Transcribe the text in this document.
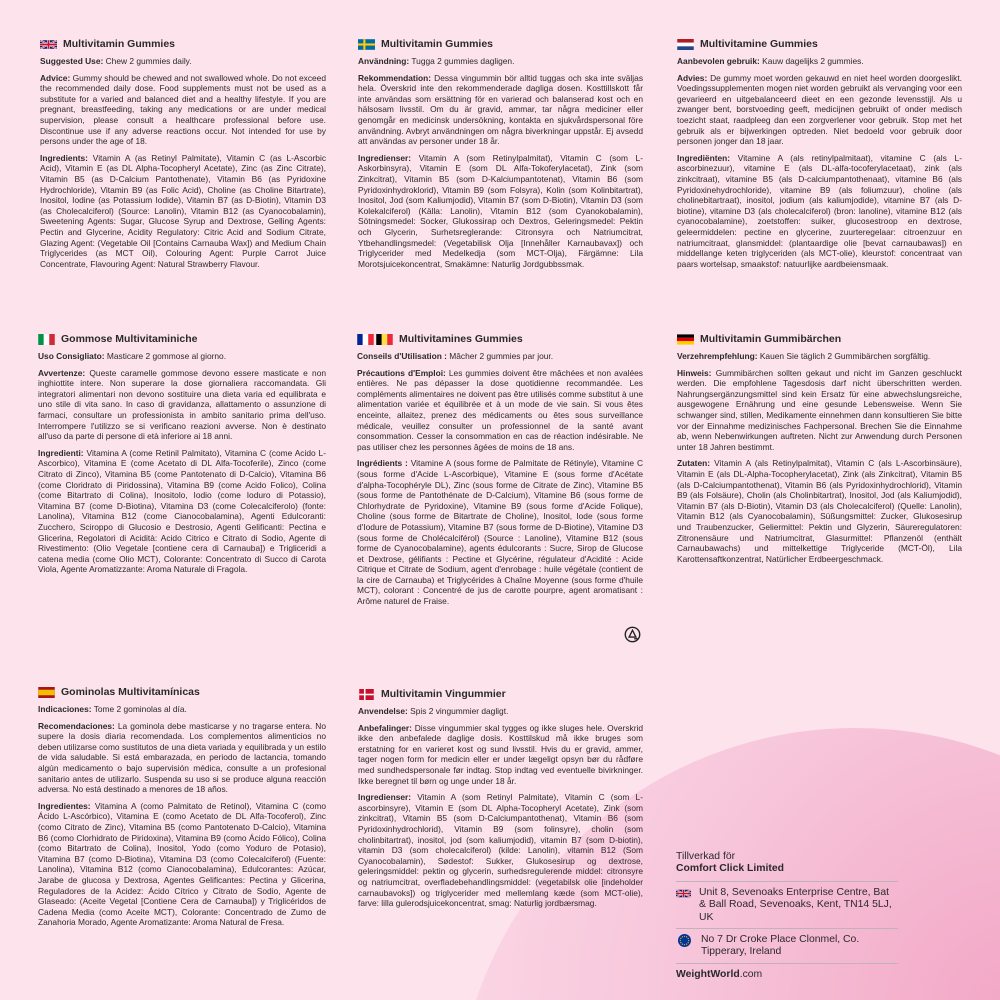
Multivitamin Gummies

Suggested Use: Chew 2 gummies daily.

Advice: Gummy should be chewed and not swallowed whole. Do not exceed the recommended daily dose. Food supplements must not be used as a substitute for a varied and balanced diet and a healthy lifestyle. If you are pregnant, breastfeeding, taking any medications or are under medical supervision, please consult a healthcare professional before use. Discontinue use if any adverse reactions occur. Not intended for use by persons under the age of 18.

Ingredients: Vitamin A (as Retinyl Palmitate), Vitamin C (as L-Ascorbic Acid), Vitamin E (as DL Alpha-Tocopheryl Acetate), Zinc (as Zinc Citrate), Vitamin B5 (as D-Calcium Pantothenate), Vitamin B6 (as Pyridoxine Hydrochloride), Vitamin B9 (as Folic Acid), Choline (as Choline Bitartrate), Inositol, Iodine (as Potassium Iodide), Vitamin B7 (as D-Biotin), Vitamin D3 (as Cholecalciferol) (Source: Lanolin), Vitamin B12 (as Cyanocobalamin), Sweetening Agents: Sugar, Glucose Syrup and Dextrose, Gelling Agents: Pectin and Glycerine, Acidity Regulatory: Citric Acid and Sodium Citrate, Glazing Agent: (Vegetable Oil [Contains Carnauba Wax]) and Medium Chain Triglycerides (as MCT Oil), Colouring Agent: Purple Carrot Juice Concentrate, Flavouring Agent: Natural Strawberry Flavour.

Multivitamin Gummies

Användning: Tugga 2 gummies dagligen.

Rekommendation: Dessa vingummin bör alltid tuggas och ska inte sväljas hela. Överskrid inte den rekommenderade dagliga dosen. Kosttillskott får inte användas som ersättning för en varierad och balanserad kost och en hälsosam livsstil. Om du är gravid, ammar, tar några mediciner eller genomgår en medicinsk undersökning, kontakta en sjukvårdspersonal före användning. Avbryt användningen om några biverkningar uppstår. Ej avsedd att användas av personer under 18 år.

Ingredienser: Vitamin A (som Retinylpalmitat), Vitamin C (som L-Askorbinsyra), Vitamin E (som DL Alfa-Tokoferylacetat), Zink (som Zinkcitrat), Vitamin B5 (som D-Kalciumpantotenat), Vitamin B6 (som Pyridoxinhydroklorid), Vitamin B9 (som Folsyra), Kolin (som Kolinbitartrat), Inositol, Jod (som Kaliumjodid), Vitamin B7 (som D-Biotin), Vitamin D3 (som Kolekalciferol) (Källa: Lanolin), Vitamin B12 (som Cyanokobalamin), Sötningsmedel: Socker, Glukossirap och Dextros, Geleringsmedel: Pektin och Glycerin, Surhetsreglerande: Citronsyra och Natriumcitrat, Ytbehandlingsmedel: (Vegetabilisk Olja [Innehåller Karnaubavax]) och Triglycerider med Medelkedja (som MCT-Olja), Färgämne: Lila Morotsjuicekoncentrat, Smakämne: Naturlig Jordgubbssmak.

Multivitamine Gummies

Aanbevolen gebruik: Kauw dagelijks 2 gummies.

Advies: De gummy moet worden gekauwd en niet heel worden doorgeslikt. Voedingssupplementen mogen niet worden gebruikt als vervanging voor een gevarieerd en uitgebalanceerd dieet en een gezonde levensstijl. Als u zwanger bent, borstvoeding geeft, medicijnen gebruikt of onder medisch toezicht staat, raadpleeg dan een zorgverlener voor gebruik. Stop met het gebruik als er bijwerkingen optreden. Niet bedoeld voor gebruik door personen jonger dan 18 jaar.

Ingrediënten: Vitamine A (als retinylpalmitaat), vitamine C (als L-ascorbinezuur), vitamine E (als DL-alfa-tocoferylacetaat), zink (als zinkcitraat), vitamine B5 (als D-calciumpantothenaat), vitamine B6 (als Pyridoxinehydrochloride), vitamine B9 (als foliumzuur), choline (als cholinebitartraat), inositol, jodium (als kaliumjodide), vitamine B7 (als D-biotine), vitamine D3 (als cholecalciferol) (bron: lanoline), vitamine B12 (als cyanocobalamine), zoetstoffen: suiker, glucosestroop en dextrose, geleermiddelen: pectine en glycerine, zuurteregelaar: citroenzuur en natriumcitraat, glansmiddel: (plantaardige olie [bevat carnaubawas]) en middellange keten triglyceriden (als MCT-olie), kleurstof: concentraat van paars wortelsap, smaakstof: natuurlijke aardbeiensmaak.

Gommose Multivitaminiche

Uso Consigliato: Masticare 2 gommose al giorno.

Avvertenze: Queste caramelle gommose devono essere masticate e non inghiottite intere. Non superare la dose giornaliera raccomandata. Gli integratori alimentari non devono sostituire una dieta varia ed equilibrata e uno stile di vita sano. In caso di gravidanza, allattamento o assunzione di farmaci, consultare un professionista in ambito sanitario prima dell'uso. Interrompere l'utilizzo se si verificano reazioni avverse. Non è destinato all'uso da parte di persone di età inferiore ai 18 anni.

Ingredienti: Vitamina A (come Retinil Palmitato), Vitamina C (come Acido L-Ascorbico), Vitamina E (come Acetato di DL Alfa-Tocoferile), Zinco (come Citrato di Zinco), Vitamina B5 (come Pantotenato di D-Calcio), Vitamina B6 (come Cloridrato di Piridossina), Vitamina B9 (come Acido Folico), Colina (come Bitartrato di Colina), Inositolo, Iodio (come Ioduro di Potassio), Vitamina B7 (come D-Biotina), Vitamina D3 (come Colecalciferolo) (fonte: Lanolina), Vitamina B12 (come Cianocobalamina), Agenti Edulcoranti: Zucchero, Sciroppo di Glucosio e Destrosio, Agenti Gelificanti: Pectina e Glicerina, Regolatori di Acidità: Acido Citrico e Citrato di Sodio, Agente di Rivestimento: (Olio Vegetale [contiene cera di Carnauba]) e Trigliceridi a catena media (come Olio MCT), Colorante: Concentrato di Succo di Carota Viola, Agente Aromatizzante: Aroma Naturale di Fragola.

Multivitamines Gummies

Conseils d'Utilisation : Mâcher 2 gummies par jour.

Précautions d'Emploi: Les gummies doivent être mâchées et non avalées entières. Ne pas dépasser la dose quotidienne recommandée. Les compléments alimentaires ne doivent pas être utilisés comme substitut à une alimentation variée et équilibrée et à un mode de vie sain. Si vous êtes enceinte, allaitez, prenez des médicaments ou êtes sous surveillance médicale, veuillez consulter un professionnel de la santé avant consommation. Cesser la consommation en cas de réaction indésirable. Ne pas utiliser chez les personnes âgées de moins de 18 ans.

Ingrédients : Vitamine A (sous forme de Palmitate de Rétinyle), Vitamine C (sous forme d'Acide L-Ascorbique), Vitamine E (sous forme d'Acétate d'alpha-Tocophéryle DL), Zinc (sous forme de Citrate de Zinc), Vitamine B5 (sous forme de Pantothénate de D-Calcium), Vitamine B6 (sous forme de Chlorhydrate de Pyridoxine), Vitamine B9 (sous forme d'Acide Folique), Choline (sous forme de Bitartrate de Choline), Inositol, Iode (sous forme d'Iodure de Potassium), Vitamine B7 (sous forme de D-Biotine), Vitamine D3 (sous forme de Cholécalciférol) (Source : Lanoline), Vitamine B12 (sous forme de Cyanocobalamine), agents édulcorants : Sucre, Sirop de Glucose et Dextrose, gélifiants : Pectine et Glycérine, régulateur d'Acidité : Acide Citrique et Citrate de Sodium, agent d'enrobage : huile végétale (contient de la cire de Carnauba) et Triglycérides à Chaîne Moyenne (sous forme d'huile MCT), colorant : Concentré de jus de carotte pourpre, agent aromatisant : Arôme naturel de Fraise.

Multivitamin Gummibärchen

Verzehrempfehlung: Kauen Sie täglich 2 Gummibärchen sorgfältig.

Hinweis: Gummibärchen sollten gekaut und nicht im Ganzen geschluckt werden. Die empfohlene Tagesdosis darf nicht überschritten werden. Nahrungsergänzungsmittel sind kein Ersatz für eine abwechslungsreiche, ausgewogene Ernährung und eine gesunde Lebensweise. Wenn Sie schwanger sind, stillen, Medikamente einnehmen dann konsultieren Sie bitte vor der Einnahme medizinisches Fachpersonal. Brechen Sie die Einnahme ab, wenn Nebenwirkungen auftreten. Nicht zur Anwendung durch Personen unter 18 Jahren bestimmt.

Zutaten: Vitamin A (als Retinylpalmitat), Vitamin C (als L-Ascorbinsäure), Vitamin E (als DL-Alpha-Tocopherylacetat), Zink (als Zinkcitrat), Vitamin B5 (als D-Calciumpantothenat), Vitamin B6 (als Pyridoxinhydrochlorid), Vitamin B9 (als Folsäure), Cholin (als Cholinbitartrat), Inositol, Jod (als Kaliumjodid), Vitamin B7 (als D-Biotin), Vitamin D3 (als Cholecalciferol) (Quelle: Lanolin), Vitamin B12 (als Cyanocobalamin), Süßungsmittel: Zucker, Glukosesirup und Traubenzucker, Geliermittel: Pektin und Glyzerin, Säureregulatoren: Zitronensäure und Natriumcitrat, Glasurmittel: Pflanzenöl (enthält Carnaubawachs) und mittelkettige Triglyceride (MCT-Öl), Lila Karottensaftkonzentrat, Natürlicher Erdbeergeschmack.

Gominolas Multivitamínicas

Indicaciones: Tome 2 gominolas al día.

Recomendaciones: La gominola debe masticarse y no tragarse entera. No supere la dosis diaria recomendada. Los complementos alimenticios no deben utilizarse como sustitutos de una dieta variada y equilibrada y un estilo de vida saludable. Si está embarazada, en periodo de lactancia, tomando algún medicamento o bajo supervisión médica, consulte a un profesional sanitario antes de utilizarlo. Suspenda su uso si se produce alguna reacción adversa. No está destinado a menores de 18 años.

Ingredientes: Vitamina A (como Palmitato de Retinol), Vitamina C (como Ácido L-Ascórbico), Vitamina E (como Acetato de DL Alfa-Tocoferol), Zinc (como Citrato de Zinc), Vitamina B5 (como Pantotenato D-Calcio), Vitamina B6 (como Clorhidrato de Piridoxina), Vitamina B9 (como Ácido Fólico), Colina (como Bitartrato de Colina), Inositol, Yodo (como Yoduro de Potasio), Vitamina B7 (como D-Biotina), Vitamina D3 (como Colecalciferol) (Fuente: Lanolina), Vitamina B12 (como Cianocobalamina), Edulcorantes: Azúcar, Jarabe de glucosa y Dextrosa, Agentes Gelificantes: Pectina y Glicerina, Reguladores de la Acidez: Ácido Cítrico y Citrato de Sodio, Agente de Glaseado: (Aceite Vegetal [Contiene Cera de Carnauba]) y Triglicéridos de Cadena Media (como Aceite MCT), Colorante: Concentrado de Zumo de Zanahoria Morado, Agente Aromatizante: Aroma Natural de Fresa.

Multivitamin Vingummier

Anvendelse: Spis 2 vingummier dagligt.

Anbefalinger: Disse vingummier skal tygges og ikke sluges hele. Overskrid ikke den anbefalede daglige dosis. Kosttilskud må ikke bruges som erstatning for en varieret kost og sund livsstil. Hvis du er gravid, ammer, tager nogen form for medicin eller er under lægeligt opsyn bør du rådføre med sundhedspersonale før indtag. Stop indtag ved eventuelle bivirkninger. Ikke beregnet til børn og unge under 18 år.

Ingredienser: Vitamin A (som Retinyl Palmitate), Vitamin C (som L-ascorbinsyre), Vitamin E (som DL Alpha-Tocopheryl Acetate), Zink (som zinkcitrat), Vitamin B5 (som D-Calciumpantothenat), Vitamin B6 (som Pyridoxinhydrochlorid), Vitamin B9 (som folinsyre), cholin (som cholinbitartrat), inositol, jod (som kaliumjodid), vitamin B7 (som D-biotin), vitamin D3 (som cholecalciferol) (kilde: Lanolin), vitamin B12 (Som Cyanocobalamin), Sødestof: Sukker, Glukosesirup og dextrose, geleringsmiddel: pektin og glycerin, surhedsregulerende middel: citronsyre og natriumcitrat, overfladebehandlingsmiddel: (vegetabilsk olie [indeholder carnaubavoks]) og triglycerider med mellemlang kæde (som MCT-olie), farve: lilla gulerodsjuicekoncentrat, smag: Naturlig jordbærsmag.

Tillverkad för
Comfort Click Limited
Unit 8, Sevenoaks Enterprise Centre, Bat & Ball Road, Sevenoaks, Kent, TN14 5LJ, UK
No 7 Dr Croke Place Clonmel, Co. Tipperary, Ireland
WeightWorld.com
